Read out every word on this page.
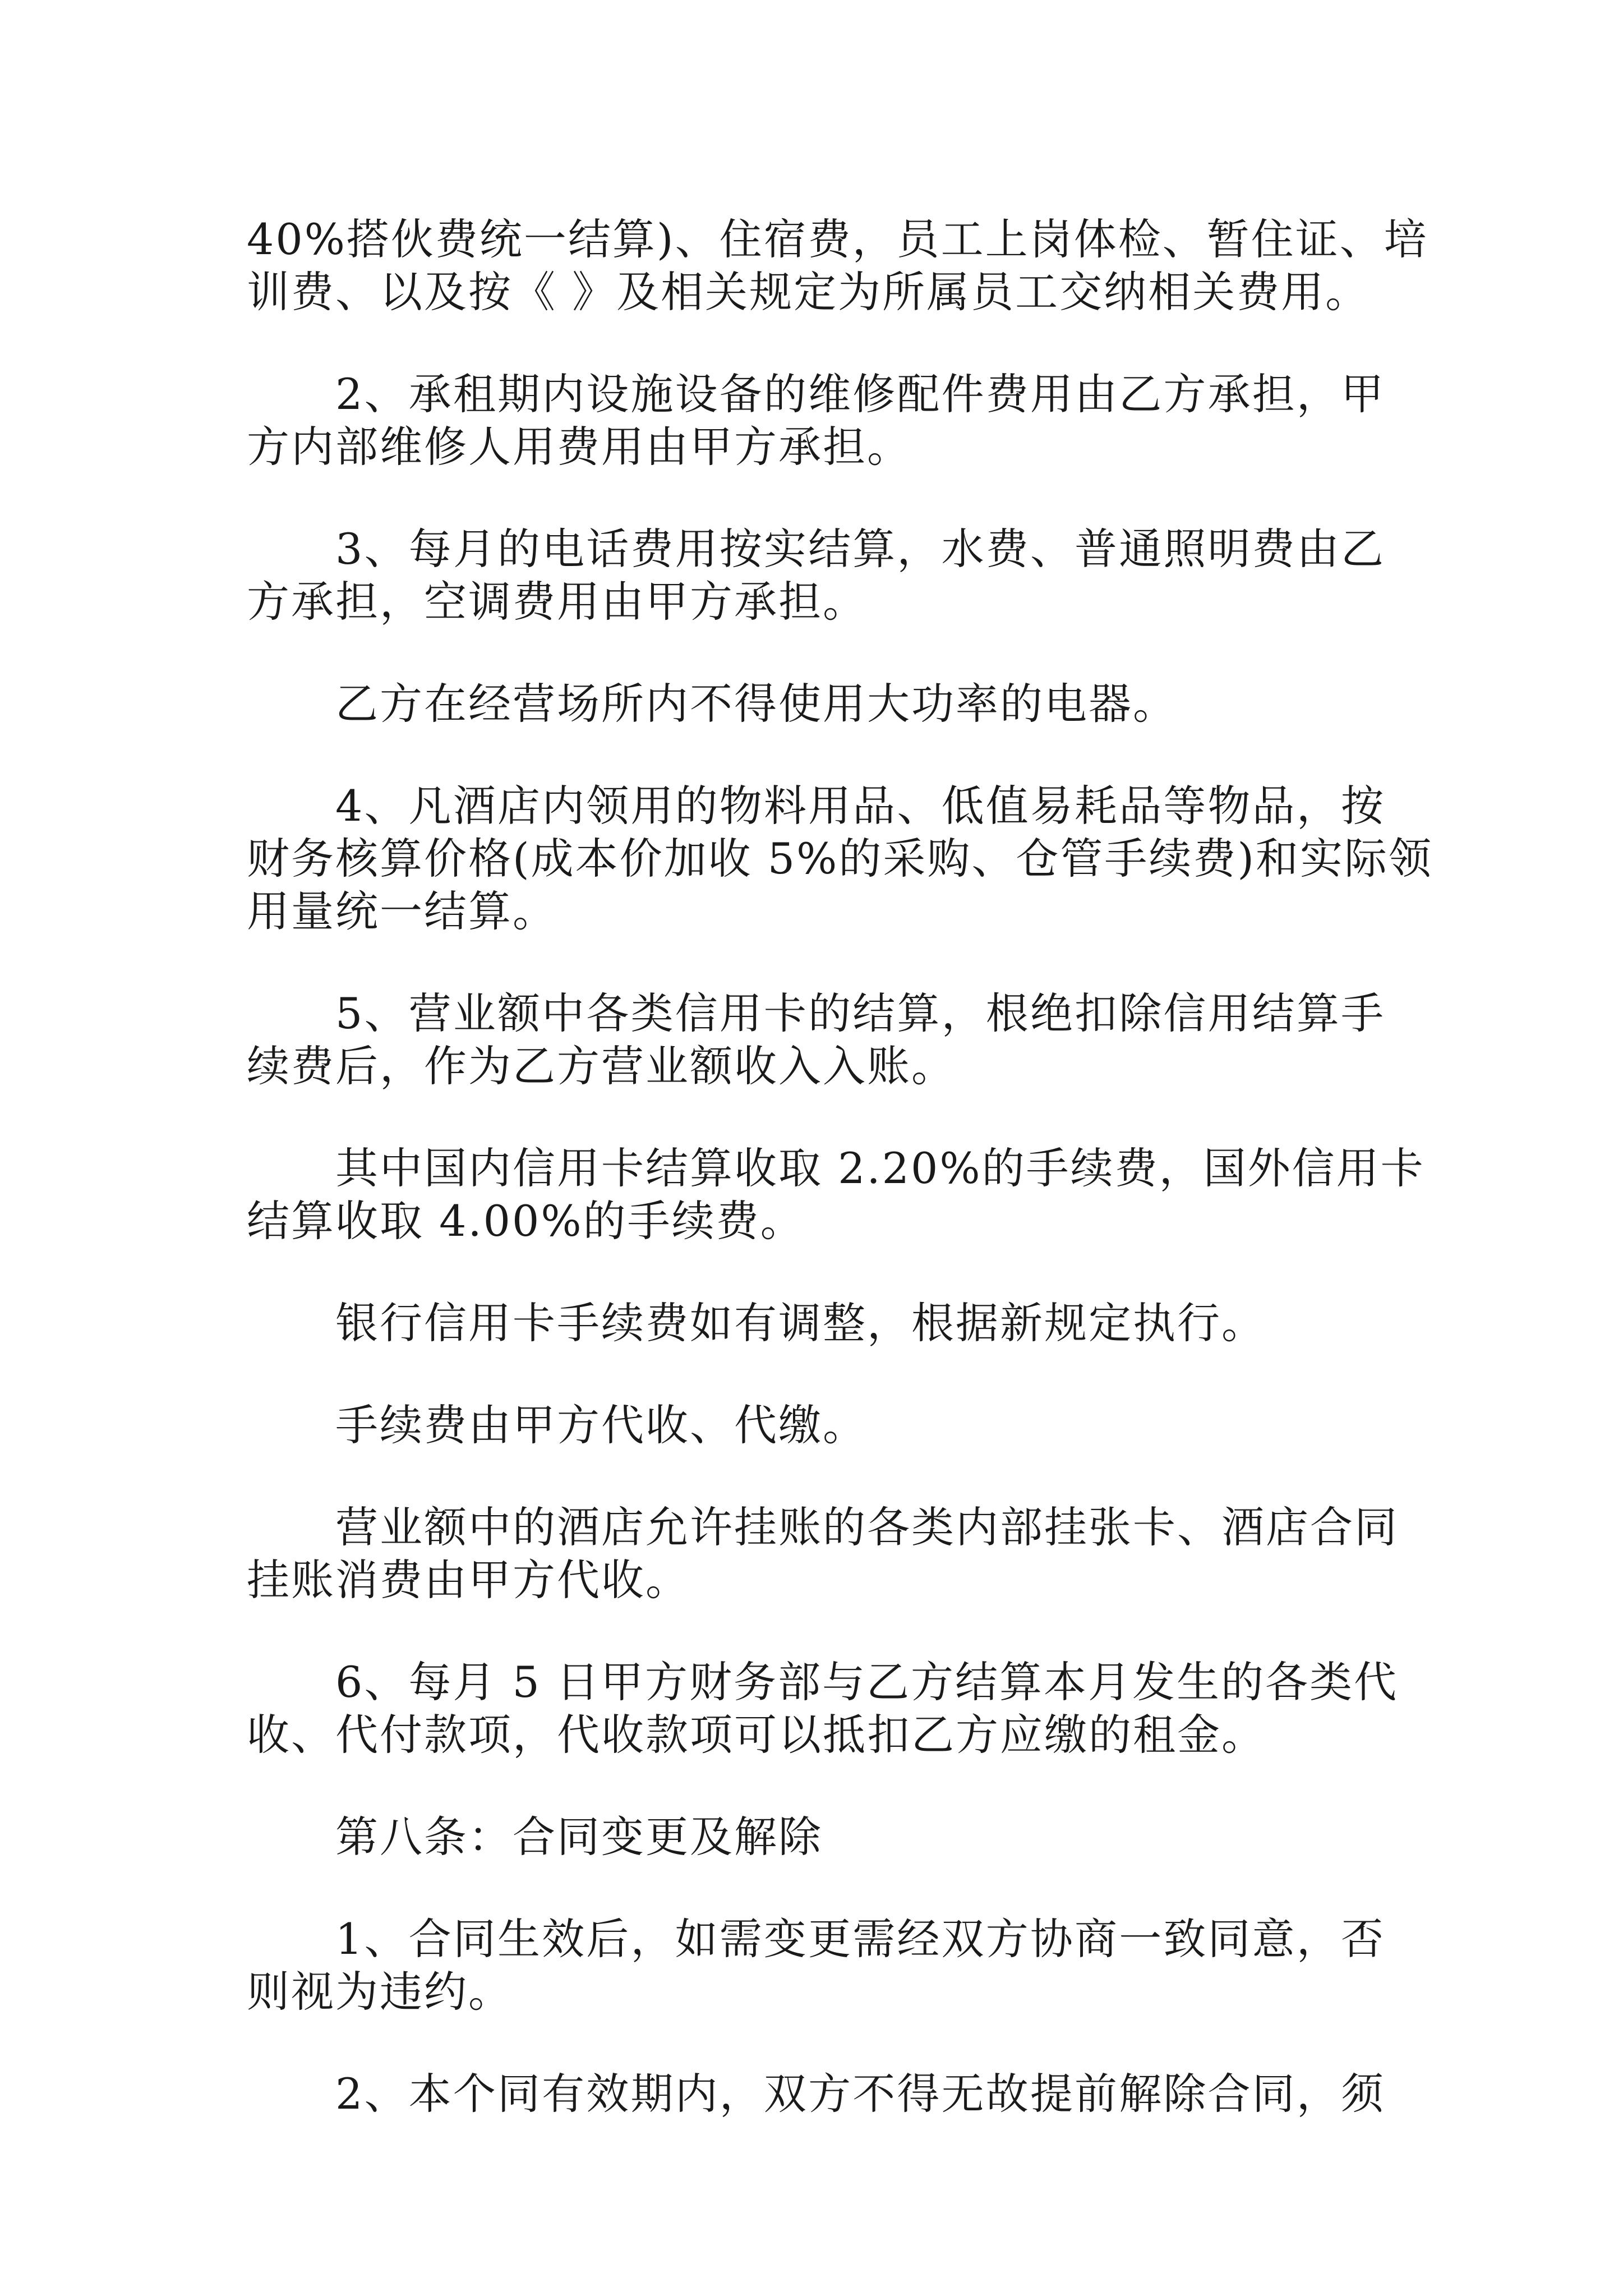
40%搭伙费统一结算)、住宿费，员工上岗体检、暂住证、培
训费、以及按《 》及相关规定为所属员工交纳相关费用。
2、承租期内设施设备的维修配件费用由乙方承担，甲
方内部维修人用费用由甲方承担。
3、每月的电话费用按实结算，水费、普通照明费由乙
方承担，空调费用由甲方承担。
乙方在经营场所内不得使用大功率的电器。
4、凡酒店内领用的物料用品、低值易耗品等物品，按
财务核算价格(成本价加收 5%的采购、仓管手续费)和实际领
用量统一结算。
5、营业额中各类信用卡的结算，根绝扣除信用结算手
续费后，作为乙方营业额收入入账。
其中国内信用卡结算收取 2.20%的手续费，国外信用卡
结算收取 4.00%的手续费。
银行信用卡手续费如有调整，根据新规定执行。
手续费由甲方代收、代缴。
营业额中的酒店允许挂账的各类内部挂张卡、酒店合同
挂账消费由甲方代收。
6、每月 5 日甲方财务部与乙方结算本月发生的各类代
收、代付款项，代收款项可以抵扣乙方应缴的租金。
第八条：合同变更及解除
1、合同生效后，如需变更需经双方协商一致同意，否
则视为违约。
2、本个同有效期内，双方不得无故提前解除合同，须
